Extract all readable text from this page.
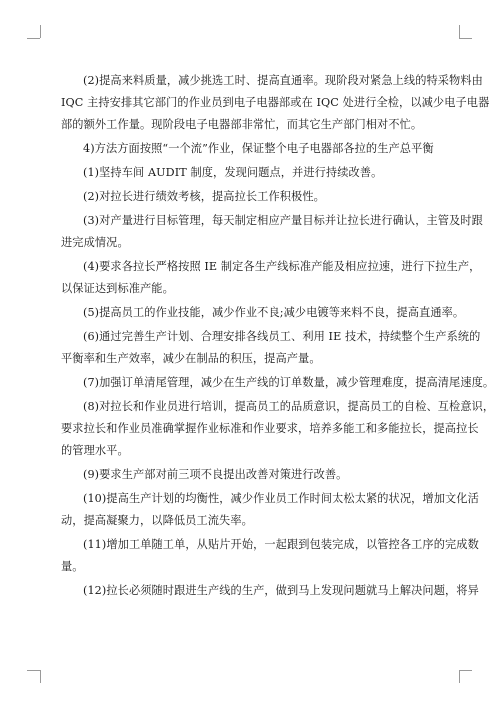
(2)提高来料质量，减少挑选工时、提高直通率。现阶段对紧急上线的特采物料由
IQC 主持安排其它部门的作业员到电子电器部或在 IQC 处进行全检，以减少电子电器
部的额外工作量。现阶段电子电器部非常忙，而其它生产部门相对不忙。

4)方法方面按照“一个流”作业，保证整个电子电器部各拉的生产总平衡

(1)坚持车间 AUDIT 制度，发现问题点，并进行持续改善。

(2)对拉长进行绩效考核，提高拉长工作积极性。

(3)对产量进行目标管理，每天制定相应产量目标并让拉长进行确认，主管及时跟
进完成情况。

(4)要求各拉长严格按照 IE 制定各生产线标准产能及相应拉速，进行下拉生产，
以保证达到标准产能。

(5)提高员工的作业技能，减少作业不良;减少电镀等来料不良，提高直通率。

(6)通过完善生产计划、合理安排各线员工、利用 IE 技术，持续整个生产系统的
平衡率和生产效率，减少在制品的积压，提高产量。

(7)加强订单清尾管理，减少在生产线的订单数量，减少管理难度，提高清尾速度。

(8)对拉长和作业员进行培训，提高员工的品质意识，提高员工的自检、互检意识，
要求拉长和作业员准确掌握作业标准和作业要求，培养多能工和多能拉长，提高拉长
的管理水平。

(9)要求生产部对前三项不良提出改善对策进行改善。

(10)提高生产计划的均衡性，减少作业员工作时间太松太紧的状况，增加文化活
动，提高凝聚力，以降低员工流失率。

(11)增加工单随工单，从贴片开始，一起跟到包装完成，以管控各工序的完成数
量。

(12)拉长必须随时跟进生产线的生产，做到马上发现问题就马上解决问题，将异
